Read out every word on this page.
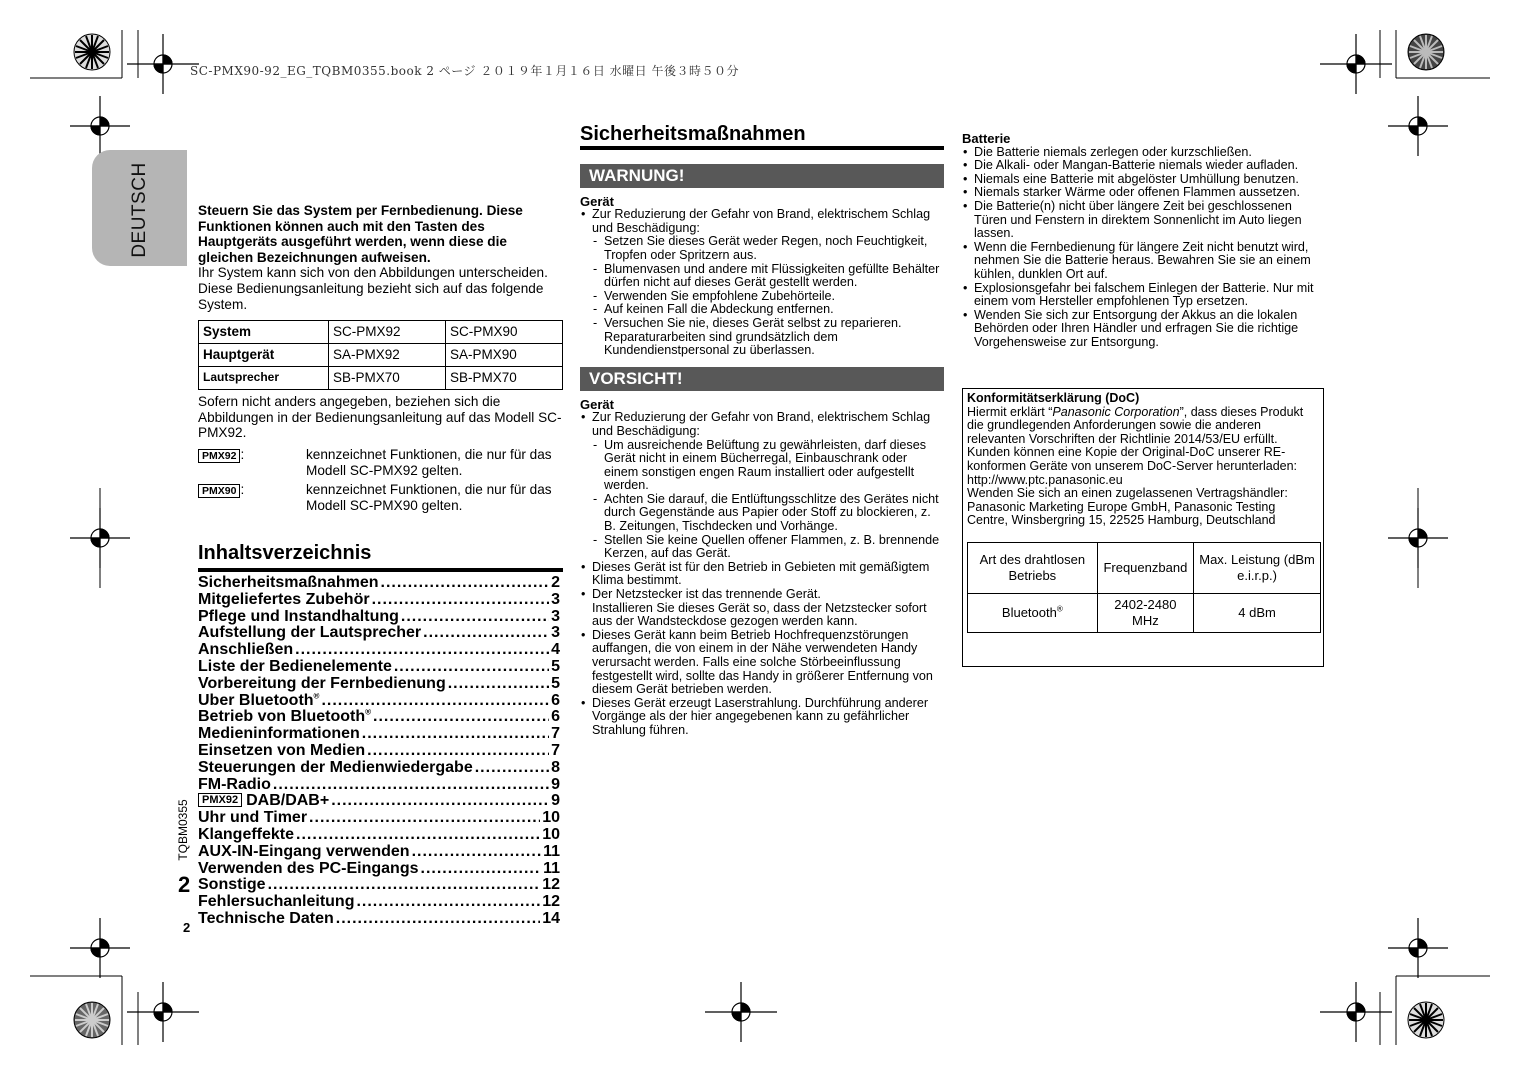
SC-PMX90-92_EG_TQBM0355.book 2 ページ ２０１９年１月１６日 水曜日 午後３時５０分
DEUTSCH	Steuern Sie das System per Fernbedienung. Diese Funktionen können auch mit den Tasten des Hauptgeräts ausgeführt werden, wenn diese die gleichen Bezeichnungen aufweisen.

Ihr System kann sich von den Abbildungen unterscheiden.

Diese Bedienungsanleitung bezieht sich auf das folgende System.

System	SC-PMX92	SC-PMX90
Hauptgerät	SA-PMX92	SA-PMX90
Lautsprecher	SB-PMX70	SB-PMX70

Sofern nicht anders angegeben, beziehen sich die Abbildungen in der Bedienungsanleitung auf das Modell SC-PMX92.

PMX92 :	kennzeichnet Funktionen, die nur für das Modell SC-PMX92 gelten.
PMX90 :	kennzeichnet Funktionen, die nur für das Modell SC-PMX90 gelten.
Inhaltsverzeichnis
Sicherheitsmaßnahmen .....	2
Mitgeliefertes Zubehör .....	3
Pflege und Instandhaltung .....	3
Aufstellung der Lautsprecher .....	3
Anschließen .....	4
Liste der Bedienelemente .....	5
Vorbereitung der Fernbedienung .....	5
Über Bluetooth® .....	6
Betrieb von Bluetooth® .....	6
Medieninformationen .....	7
Einsetzen von Medien .....	7
Steuerungen der Medienwiedergabe .....	8
FM-Radio .....	9
PMX92 DAB/DAB+ .....	9
Uhr und Timer .....	10
Klangeffekte .....	10
AUX-IN-Eingang verwenden .....	11
Verwenden des PC-Eingangs .....	11
Sonstige .....	12
Fehlersuchanleitung .....	12
Technische Daten .....	14
TQBM0355
2
2
Sicherheitsmaßnahmen
WARNUNG!
Gerät
• Zur Reduzierung der Gefahr von Brand, elektrischem Schlag und Beschädigung:
- Setzen Sie dieses Gerät weder Regen, noch Feuchtigkeit, Tropfen oder Spritzern aus.
- Blumenvasen und andere mit Flüssigkeiten gefüllte Behälter dürfen nicht auf dieses Gerät gestellt werden.
- Verwenden Sie empfohlene Zubehörteile.
- Auf keinen Fall die Abdeckung entfernen.
- Versuchen Sie nie, dieses Gerät selbst zu reparieren. Reparaturarbeiten sind grundsätzlich dem Kundendienstpersonal zu überlassen.
VORSICHT!
Gerät
• Zur Reduzierung der Gefahr von Brand, elektrischem Schlag und Beschädigung:
- Um ausreichende Belüftung zu gewährleisten, darf dieses Gerät nicht in einem Bücherregal, Einbauschrank oder einem sonstigen engen Raum installiert oder aufgestellt werden.
- Achten Sie darauf, die Entlüftungsschlitze des Gerätes nicht durch Gegenstände aus Papier oder Stoff zu blockieren, z. B. Zeitungen, Tischdecken und Vorhänge.
- Stellen Sie keine Quellen offener Flammen, z. B. brennende Kerzen, auf das Gerät.
• Dieses Gerät ist für den Betrieb in Gebieten mit gemäßigtem Klima bestimmt.
• Der Netzstecker ist das trennende Gerät.
Installieren Sie dieses Gerät so, dass der Netzstecker sofort aus der Wandsteckdose gezogen werden kann.
• Dieses Gerät kann beim Betrieb Hochfrequenzstörungen auffangen, die von einem in der Nähe verwendeten Handy verursacht werden. Falls eine solche Störbeeinflussung festgestellt wird, sollte das Handy in größerer Entfernung von diesem Gerät betrieben werden.
• Dieses Gerät erzeugt Laserstrahlung. Durchführung anderer Vorgänge als der hier angegebenen kann zu gefährlicher Strahlung führen.
Batterie
• Die Batterie niemals zerlegen oder kurzschließen.
• Die Alkali- oder Mangan-Batterie niemals wieder aufladen.
• Niemals eine Batterie mit abgelöster Umhüllung benutzen.
• Niemals starker Wärme oder offenen Flammen aussetzen.
• Die Batterie(n) nicht über längere Zeit bei geschlossenen Türen und Fenstern in direktem Sonnenlicht im Auto liegen lassen.
• Wenn die Fernbedienung für längere Zeit nicht benutzt wird, nehmen Sie die Batterie heraus. Bewahren Sie sie an einem kühlen, dunklen Ort auf.
• Explosionsgefahr bei falschem Einlegen der Batterie. Nur mit einem vom Hersteller empfohlenen Typ ersetzen.
• Wenden Sie sich zur Entsorgung der Akkus an die lokalen Behörden oder Ihren Händler und erfragen Sie die richtige Vorgehensweise zur Entsorgung.
Konformitätserklärung (DoC)
Hiermit erklärt “Panasonic Corporation”, dass dieses Produkt die grundlegenden Anforderungen sowie die anderen relevanten Vorschriften der Richtlinie 2014/53/EU erfüllt.
Kunden können eine Kopie der Original-DoC unserer RE-konformen Geräte von unserem DoC-Server herunterladen:
http://www.ptc.panasonic.eu
Wenden Sie sich an einen zugelassenen Vertragshändler: Panasonic Marketing Europe GmbH, Panasonic Testing Centre, Winsbergring 15, 22525 Hamburg, Deutschland
Art des drahtlosen Betriebs	Frequenzband	Max. Leistung (dBm e.i.r.p.)
Bluetooth®	2402-2480 MHz	4 dBm
